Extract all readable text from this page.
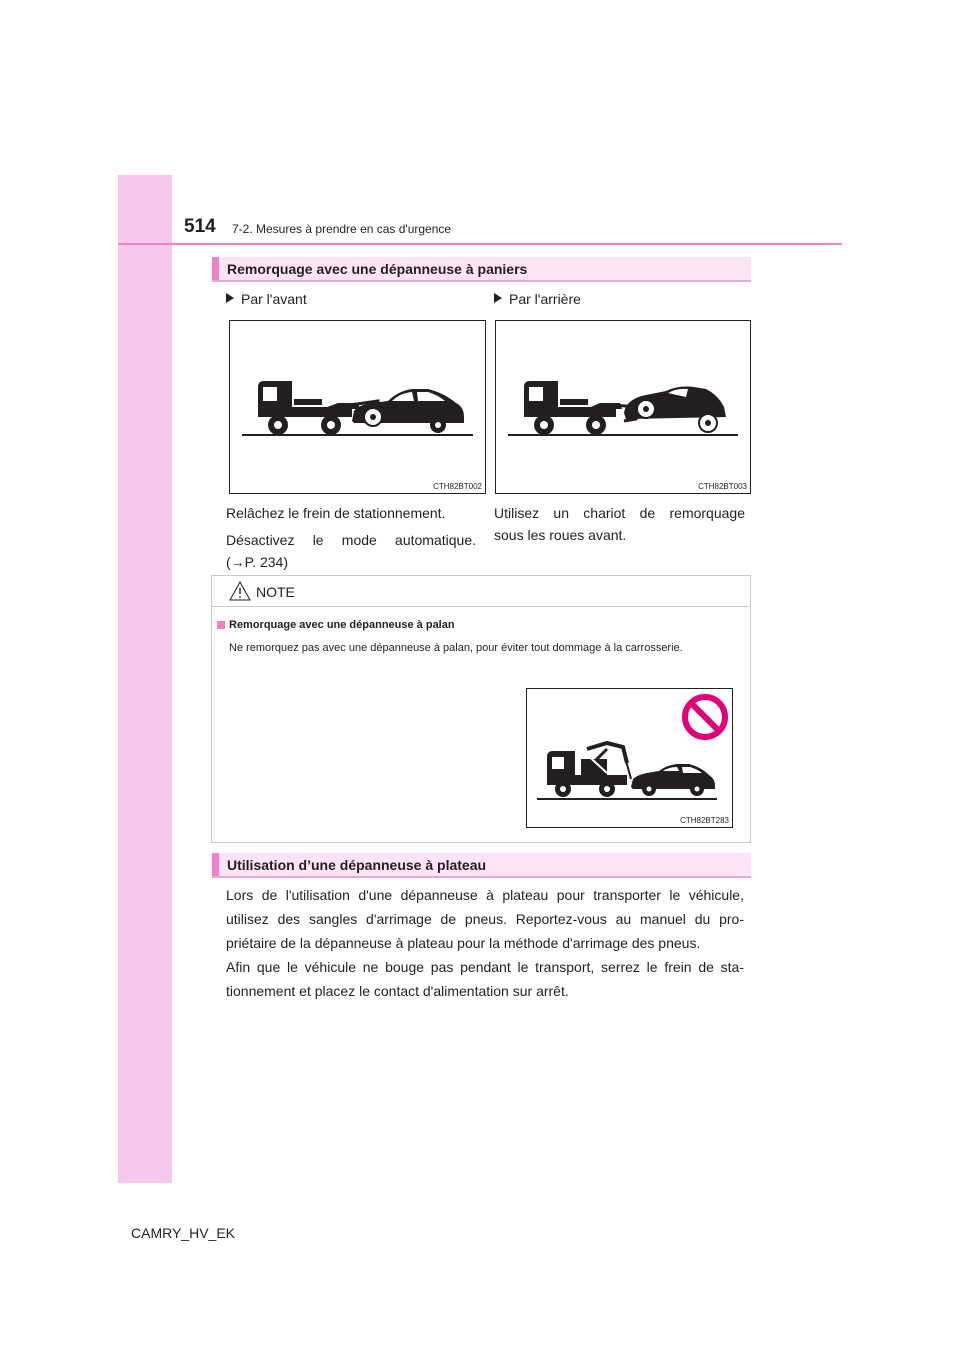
514 7-2. Mesures à prendre en cas d'urgence
Remorquage avec une dépanneuse à paniers
Par l'avant	Par l'arrière
CTH82BT002	CTH82BT003
Relâchez le frein de stationnement.
Désactivez le mode automatique.
(→P. 234)
Utilisez un chariot de remorquage
sous les roues avant.
NOTE
Remorquage avec une dépanneuse à palan
Ne remorquez pas avec une dépanneuse à palan, pour éviter tout dommage à la carrosserie.
CTH82BT283
Utilisation d’une dépanneuse à plateau
Lors de l'utilisation d'une dépanneuse à plateau pour transporter le véhicule,
utilisez des sangles d'arrimage de pneus. Reportez-vous au manuel du pro-
priétaire de la dépanneuse à plateau pour la méthode d'arrimage des pneus.
Afin que le véhicule ne bouge pas pendant le transport, serrez le frein de sta-
tionnement et placez le contact d'alimentation sur arrêt.
CAMRY_HV_EK
